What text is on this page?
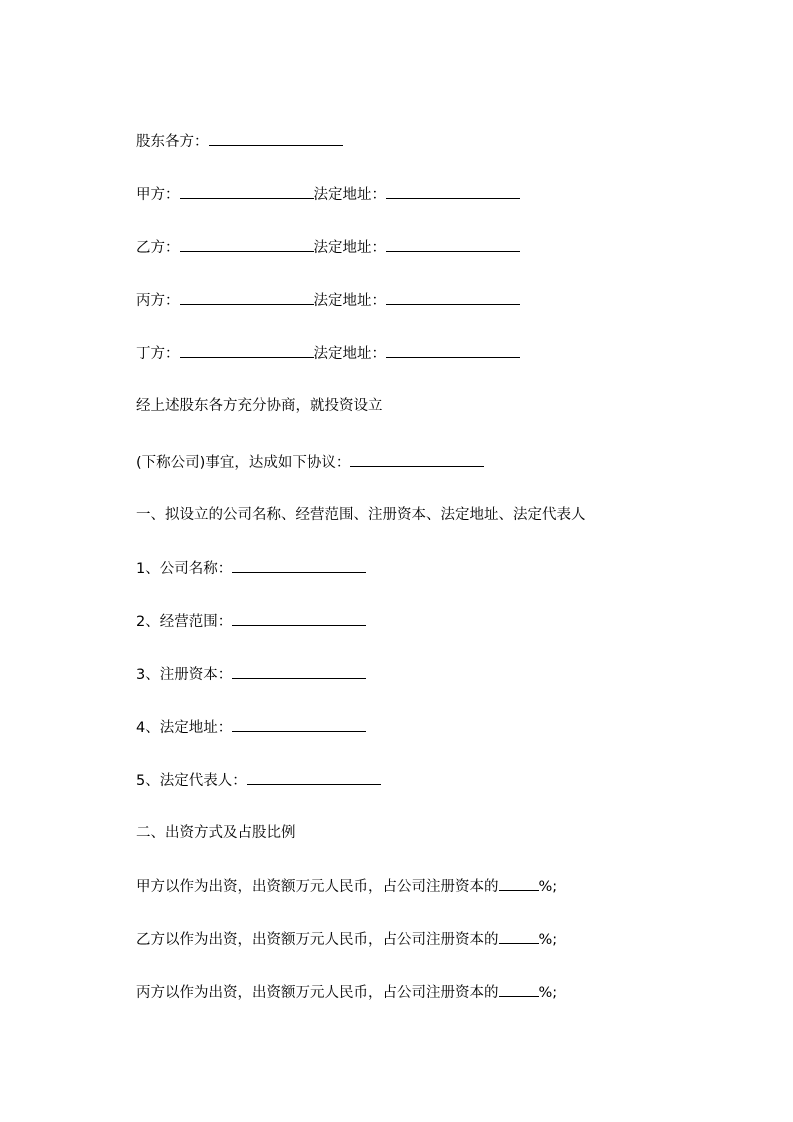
股东各方：
甲方：	法定地址：
乙方：	法定地址：
丙方：	法定地址：
丁方：	法定地址：
经上述股东各方充分协商，就投资设立
(下称公司)事宜，达成如下协议：
一、拟设立的公司名称、经营范围、注册资本、法定地址、法定代表人
1、公司名称：
2、经营范围：
3、注册资本：
4、法定地址：
5、法定代表人：
二、出资方式及占股比例
甲方以作为出资，出资额万元人民币，占公司注册资本的	%;
乙方以作为出资，出资额万元人民币，占公司注册资本的	%;
丙方以作为出资，出资额万元人民币，占公司注册资本的	%;
